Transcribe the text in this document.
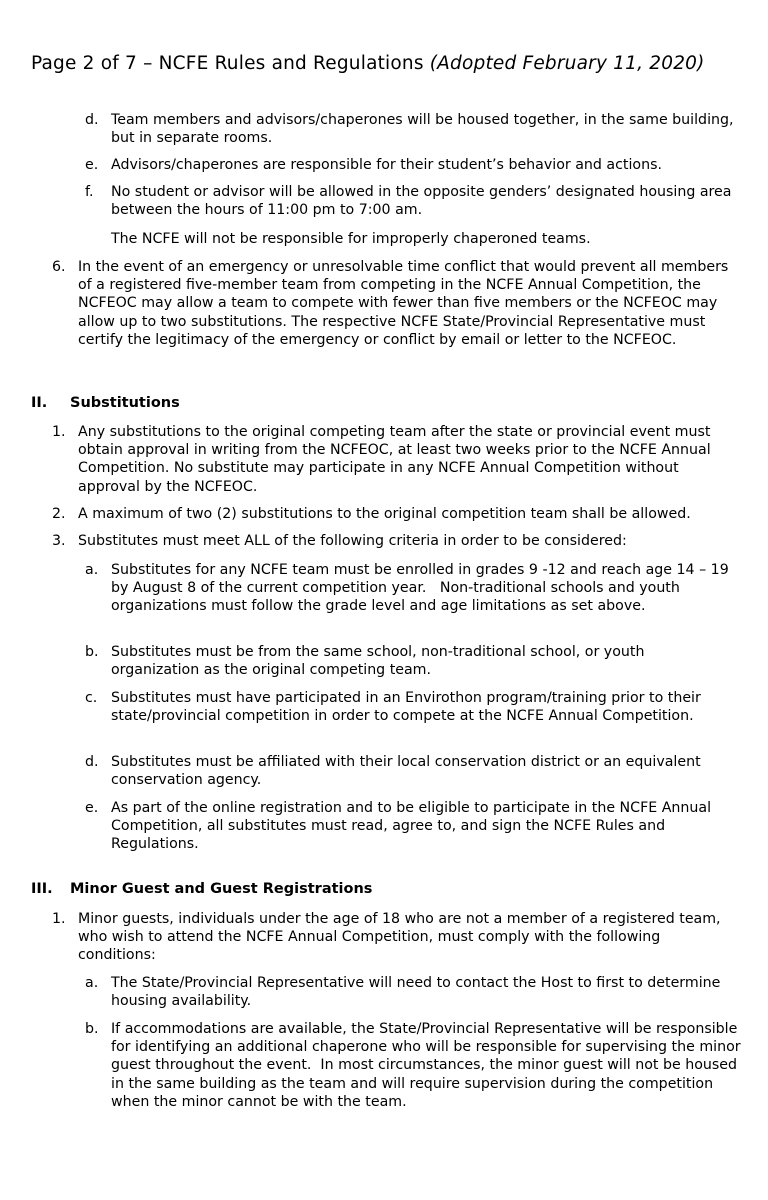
Page 2 of 7 – NCFE Rules and Regulations (Adopted February 11, 2020)
d. Team members and advisors/chaperones will be housed together, in the same building, but in separate rooms.
e. Advisors/chaperones are responsible for their student’s behavior and actions.
f. No student or advisor will be allowed in the opposite genders’ designated housing area between the hours of 11:00 pm to 7:00 am.
The NCFE will not be responsible for improperly chaperoned teams.
6. In the event of an emergency or unresolvable time conflict that would prevent all members of a registered five-member team from competing in the NCFE Annual Competition, the NCFEOC may allow a team to compete with fewer than five members or the NCFEOC may allow up to two substitutions. The respective NCFE State/Provincial Representative must certify the legitimacy of the emergency or conflict by email or letter to the NCFEOC.
II. Substitutions
1. Any substitutions to the original competing team after the state or provincial event must obtain approval in writing from the NCFEOC, at least two weeks prior to the NCFE Annual Competition. No substitute may participate in any NCFE Annual Competition without approval by the NCFEOC.
2. A maximum of two (2) substitutions to the original competition team shall be allowed.
3. Substitutes must meet ALL of the following criteria in order to be considered:
a. Substitutes for any NCFE team must be enrolled in grades 9 -12 and reach age 14 – 19 by August 8 of the current competition year.   Non-traditional schools and youth organizations must follow the grade level and age limitations as set above.
b. Substitutes must be from the same school, non-traditional school, or youth organization as the original competing team.
c. Substitutes must have participated in an Envirothon program/training prior to their state/provincial competition in order to compete at the NCFE Annual Competition.
d. Substitutes must be affiliated with their local conservation district or an equivalent conservation agency.
e. As part of the online registration and to be eligible to participate in the NCFE Annual Competition, all substitutes must read, agree to, and sign the NCFE Rules and Regulations.
III. Minor Guest and Guest Registrations
1. Minor guests, individuals under the age of 18 who are not a member of a registered team, who wish to attend the NCFE Annual Competition, must comply with the following conditions:
a. The State/Provincial Representative will need to contact the Host to first to determine housing availability.
b. If accommodations are available, the State/Provincial Representative will be responsible for identifying an additional chaperone who will be responsible for supervising the minor guest throughout the event.  In most circumstances, the minor guest will not be housed in the same building as the team and will require supervision during the competition when the minor cannot be with the team.
